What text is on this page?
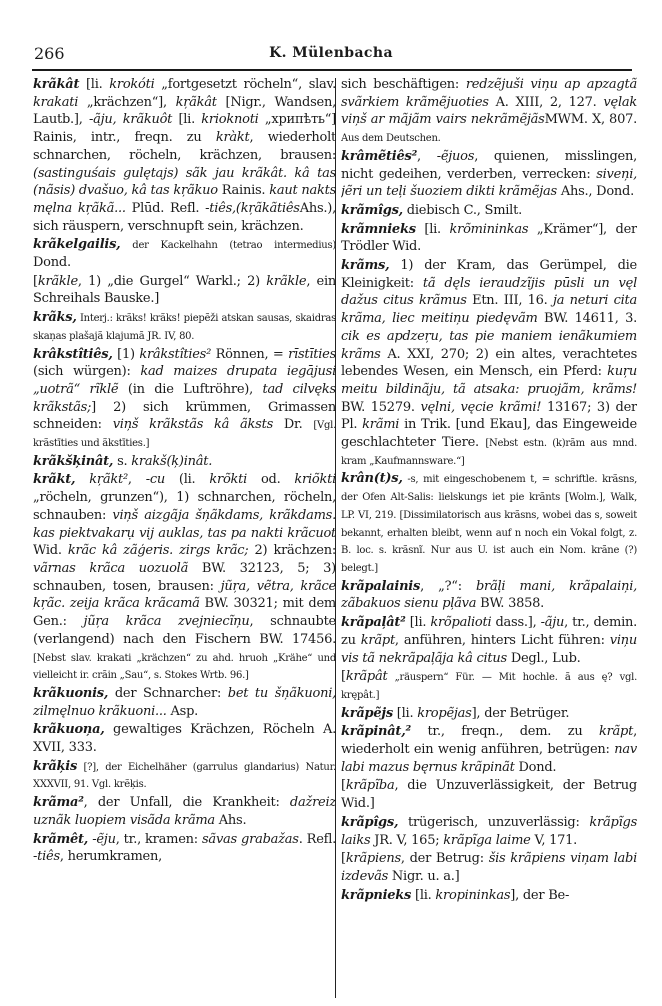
266	K. Mülenbacha

krãkât [li. krokóti „fortgesetzt röcheln“, slav. krakati „krächzen“], kŗãkât [Nigr., Wandsen, Lautb.], -ãju, krãkuôt [li. krioknoti „хрипѣть“] Rainis, intr., freqn. zu kràkt, wiederholt schnarchen, röcheln, krächzen, brausen: (sastinguśais gulętajs) sãk jau krãkât. kâ tas (nãsis) dvašuo, kâ tas kŗãkuo Rainis. kaut nakts męlna kŗãkã... Plūd. Refl. -tiês,(kŗãkãtiêsAhs.), sich räuspern, verschnupft sein, krächzen.

krãkelgailis, der Kackelhahn (tetrao intermedius) Dond.

[krãkle, 1) „die Gurgel“ Warkl.; 2) krãkle, ein Schreihals Bauske.]

krãks, Interj.: krãks! krãks! piepẽži atskan sausas, skaidras skaņas plašajã klajumã JR. IV, 80.

krâkstîtiês, [1) krâkstîties² Rönnen, = rīstīties (sich würgen): kad maizes drupata iegājusi „uotrã“ rĩklẽ (in die Luftröhre), tad cilvęks krãkstãs;] 2) sich krümmen, Grimassen schneiden: viņš krãkstãs kâ ãksts Dr. [Vgl. krãstīties und ãkstīties.]

krãkšķinât, s. krakš(ķ)inât.

krãkt, kŗãkt², -cu (li. krõkti od. kriõkti „röcheln, grunzen“), 1) schnarchen, röcheln, schnauben: viņš aizgãja šņãkdams, krãkdams. kas piektvakarụ vij auklas, tas pa nakti krãcuot Wid. krãc kâ zãģeris. zirgs krãc; 2) krächzen: vãrnas krãca uozuolã BW. 32123, 5; 3) schnauben, tosen, brausen: jũŗa, vẽtra, krãce kŗãc. zeija krãca krãcamã BW. 30321; mit dem Gen.: jũŗa krãca zvejniecĩņu, schnaubte (verlangend) nach den Fischern BW. 17456. [Nebst slav. krakati „krächzen“ zu ahd. hruoh „Krähe“ und vielleicht ir. crãin „Sau“, s. Stokes Wrtb. 96.]

krãkuonis, der Schnarcher: bet tu šņãkuoni, zilmęlnuo krãkuoni... Asp.

krãkuoņa, gewaltiges Krächzen, Röcheln A. XVII, 333.

krãķis [?], der Eichelhäher (garrulus glandarius) Natur. XXXVII, 91. Vgl. krẽķis.

krãma², der Unfall, die Krankheit: dažreiz uznãk luopiem visãda krãma Ahs.

krãmêt, -ẽju, tr., kramen: sãvas grabažas. Refl. -tiês, herumkramen,

sich beschäftigen: redzẽjuši viņu ap apzagtã svãrkiem krãmẽjuoties A. XIII, 2, 127. vęlak viņš ar mãjãm vairs nekrãmẽjãsMWM. X, 807. Aus dem Deutschen.

krâmẽtiês², -ẽjuos, quienen, misslingen, nicht gedeihen, verderben, verrecken: siveņi, jẽri un teļi šuoziem dikti krãmẽjas Ahs., Dond.

krãmîgs, diebisch C., Smilt.

krãmnieks [li. krõmininkas „Krämer“], der Trödler Wid.

krãms, 1) der Kram, das Gerümpel, die Kleinigkeit: tã dęls ieraudzĩjis pūsli un vęl dažus citus krãmus Etn. III, 16. ja neturi cita krãma, liec meitiņu piedęvãm BW. 14611, 3. cik es apdzeŗu, tas pie maniem ienãkumiem krãms A. XXI, 270; 2) ein altes, verachtetes lebendes Wesen, ein Mensch, ein Pferd: kuŗu meitu bildinãju, tã atsaka: pruojãm, krãms! BW. 15279. vęlni, vęcie krãmi! 13167; 3) der Pl. krãmi in Trik. [und Ekau], das Eingeweide geschlachteter Tiere. [Nebst estn. (k)rãm aus mnd. kram „Kaufmannsware.“]

krân(t)s, -s, mit eingeschobenem t, = schriftle. krãsns, der Ofen Alt-Salis: lielskungs iet pie krãnts [Wolm.], Walk, LP. VI, 219. [Dissimilatorisch aus krãsns, wobei das s, soweit bekannt, erhalten bleibt, wenn auf n noch ein Vokal folgt, z. B. loc. s. krãsnĩ. Nur aus U. ist auch ein Nom. krãne (?) belegt.]

krãpalainis, „?“: brãļi mani, krãpalaiņi, zãbakuos sienu pļãva BW. 3858.

krãpaļât² [li. krõpalioti dass.], -ãju, tr., demin. zu krãpt, anführen, hinters Licht führen: viņu vis tã nekrãpaļãja kâ citus Degl., Lub.

[krãpât „räuspern“ Für. — Mit hochle. ã aus ę? vgl. krępât.]

krãpẽjs [li. kropẽjas], der Betrüger.

krãpinât,² tr., freqn., dem. zu krãpt, wiederholt ein wenig anführen, betrügen: nav labi mazus bęrnus krãpinãt Dond.

[krãpĩba, die Unzuverlässigkeit, der Betrug Wid.]

krãpîgs, trügerisch, unzuverlässig: krãpĩgs laiks JR. V, 165; krãpĩga laime V, 171.

[krãpiens, der Betrug: šis krãpiens viņam labi izdevãs Nigr. u. a.]

krãpnieks [li. kropininkas], der Be-
